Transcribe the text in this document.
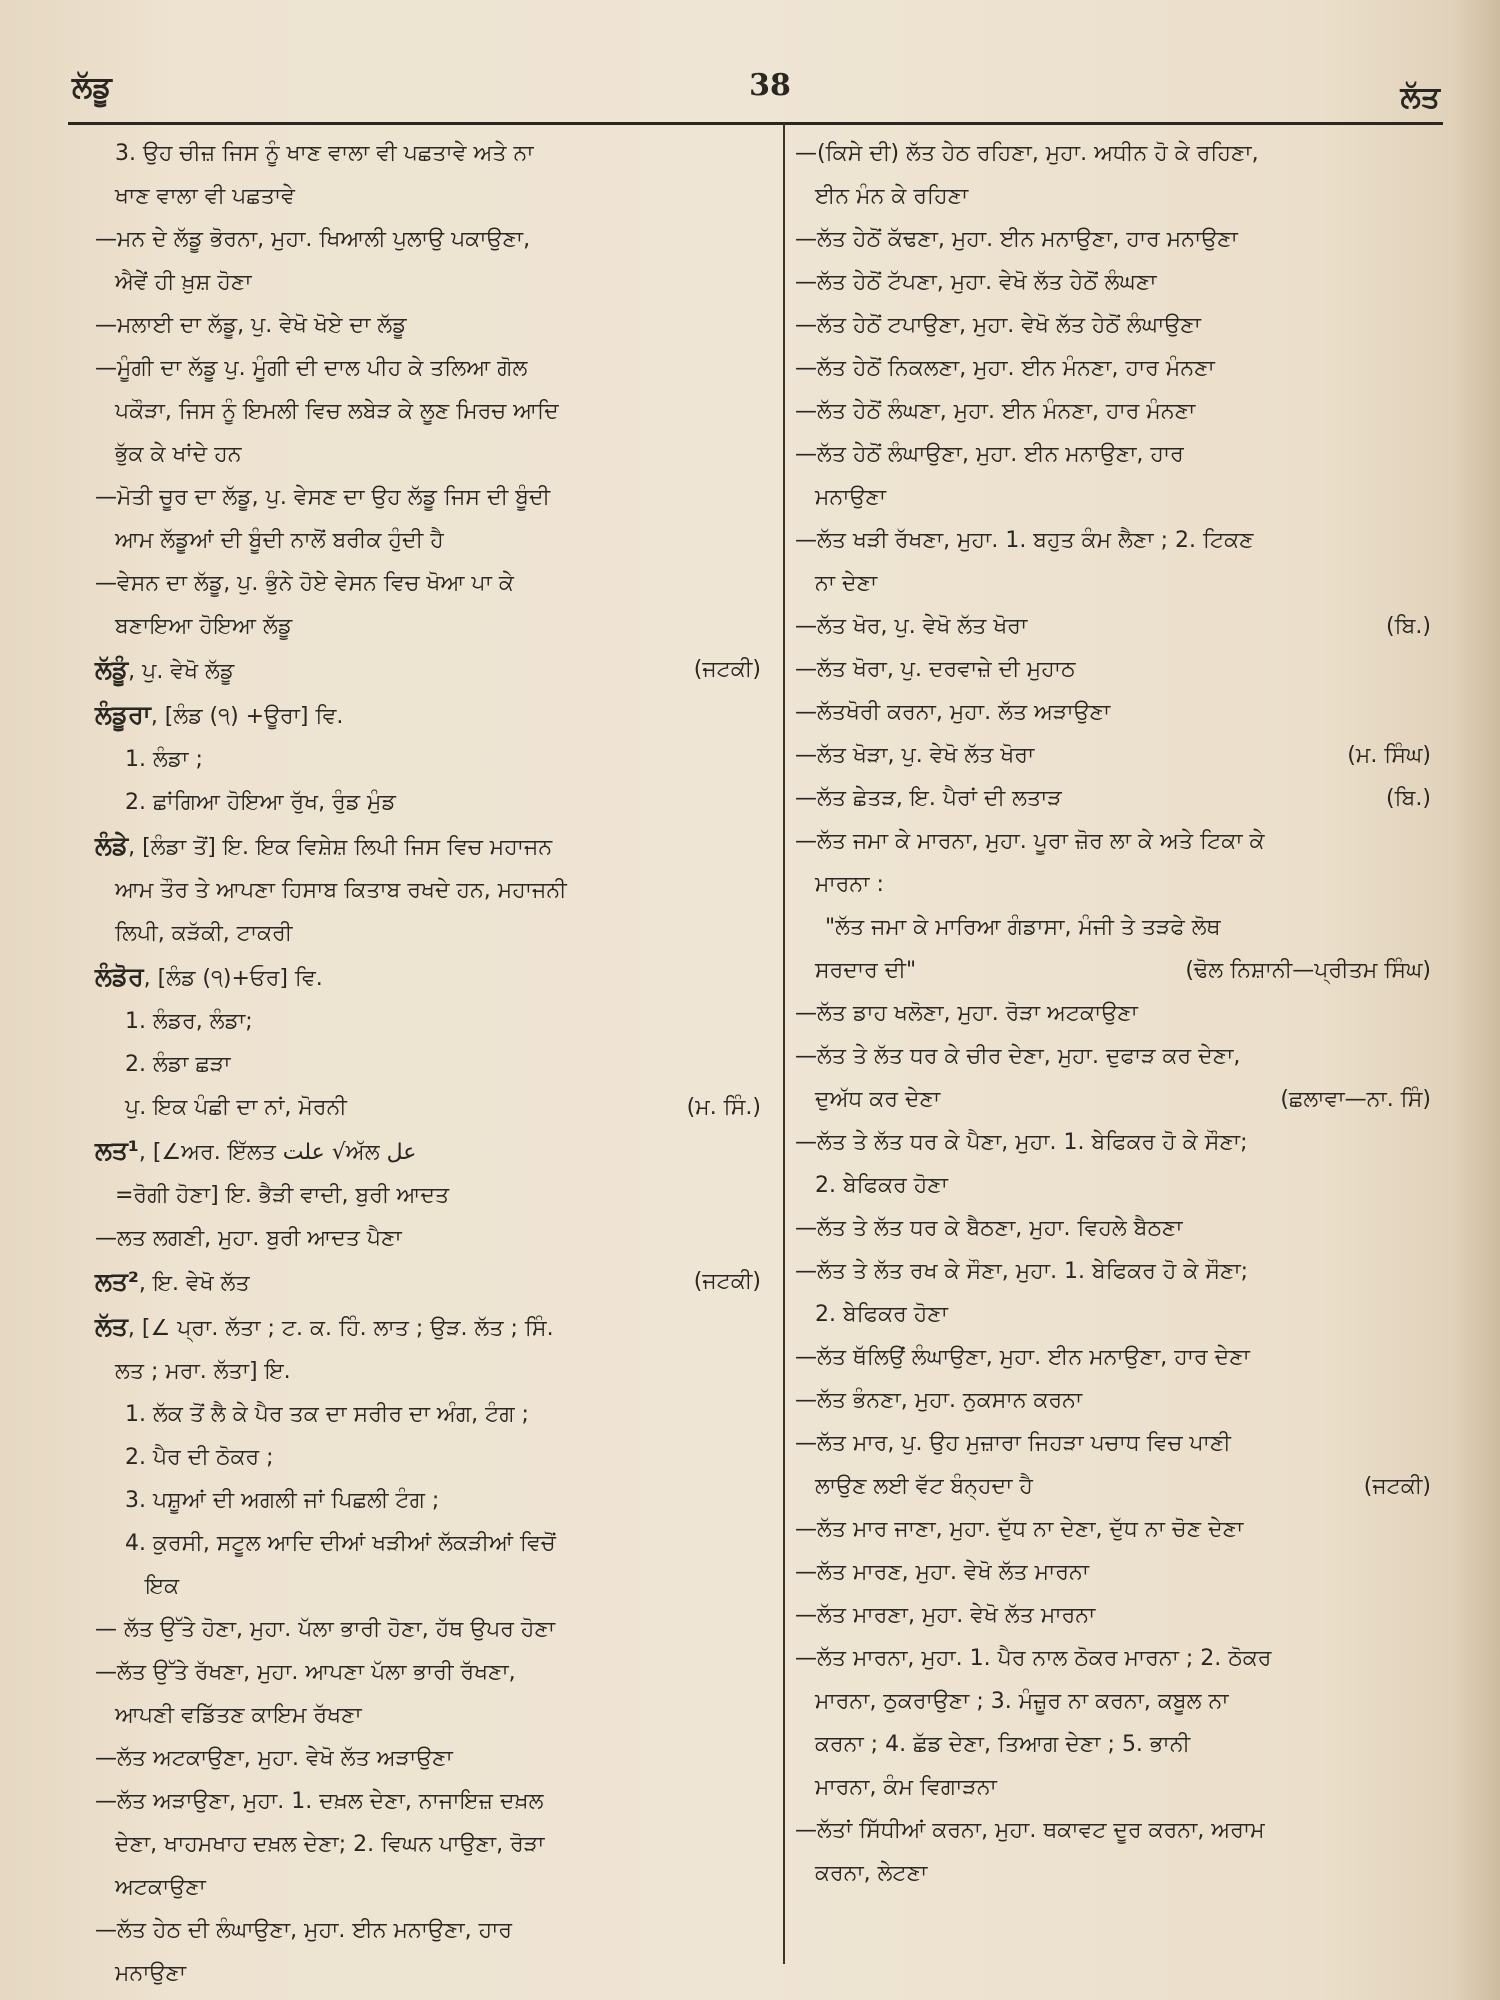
ਲੱਡੂ	38	ਲੱਤ
3. ਉਹ ਚੀਜ਼ ਜਿਸ ਨੂੰ ਖਾਣ ਵਾਲਾ ਵੀ ਪਛਤਾਵੇ ਅਤੇ ਨਾ
ਖਾਣ ਵਾਲਾ ਵੀ ਪਛਤਾਵੇ
—ਮਨ ਦੇ ਲੱਡੂ ਭੋਰਨਾ, ਮੁਹਾ. ਖਿਆਲੀ ਪੁਲਾਉ ਪਕਾਉਣਾ,
ਐਵੇਂ ਹੀ ਖ਼ੁਸ਼ ਹੋਣਾ
—ਮਲਾਈ ਦਾ ਲੱਡੂ, ਪੁ. ਵੇਖੋ ਖੋਏ ਦਾ ਲੱਡੂ
—ਮੂੰਗੀ ਦਾ ਲੱਡੂ ਪੁ. ਮੂੰਗੀ ਦੀ ਦਾਲ ਪੀਹ ਕੇ ਤਲਿਆ ਗੋਲ
ਪਕੌੜਾ, ਜਿਸ ਨੂੰ ਇਮਲੀ ਵਿਚ ਲਬੇੜ ਕੇ ਲੂਣ ਮਿਰਚ ਆਦਿ
ਭੁੱਕ ਕੇ ਖਾਂਦੇ ਹਨ
—ਮੋਤੀ ਚੂਰ ਦਾ ਲੱਡੂ, ਪੁ. ਵੇਸਣ ਦਾ ਉਹ ਲੱਡੂ ਜਿਸ ਦੀ ਬੂੰਦੀ
ਆਮ ਲੱਡੂਆਂ ਦੀ ਬੂੰਦੀ ਨਾਲੋਂ ਬਰੀਕ ਹੁੰਦੀ ਹੈ
—ਵੇਸਨ ਦਾ ਲੱਡੂ, ਪੁ. ਭੁੰਨੇ ਹੋਏ ਵੇਸਨ ਵਿਚ ਖੋਆ ਪਾ ਕੇ
ਬਣਾਇਆ ਹੋਇਆ ਲੱਡੂ
(ਜਟਕੀ)
ਲੱਡੂੰ, ਪੁ. ਵੇਖੋ ਲੱਡੂ
ਲੰਡੂਰਾ, [ਲੰਡ (੧) +ਊਰਾ] ਵਿ.
1. ਲੰਡਾ ;
2. ਛਾਂਗਿਆ ਹੋਇਆ ਰੁੱਖ, ਰੁੰਡ ਮੁੰਡ
ਲੰਡੇ, [ਲੰਡਾ ਤੋਂ] ਇ. ਇਕ ਵਿਸ਼ੇਸ਼ ਲਿਪੀ ਜਿਸ ਵਿਚ ਮਹਾਜਨ
ਆਮ ਤੌਰ ਤੇ ਆਪਣਾ ਹਿਸਾਬ ਕਿਤਾਬ ਰਖਦੇ ਹਨ, ਮਹਾਜਨੀ
ਲਿਪੀ, ਕੜੱਕੀ, ਟਾਕਰੀ
ਲੰਡੋਰ, [ਲੰਡ (੧)+ਓਰ] ਵਿ.
1. ਲੰਡਰ, ਲੰਡਾ;
2. ਲੰਡਾ ਛੜਾ
(ਮ. ਸਿੰ.)
ਪੁ. ਇਕ ਪੰਛੀ ਦਾ ਨਾਂ, ਮੋਰਨੀ
ਲਤ¹, [∠ਅਰ. ਇੱਲਤ علت √ਅੱਲ عل
=ਰੋਗੀ ਹੋਣਾ] ਇ. ਭੈੜੀ ਵਾਦੀ, ਬੁਰੀ ਆਦਤ
—ਲਤ ਲਗਣੀ, ਮੁਹਾ. ਬੁਰੀ ਆਦਤ ਪੈਣਾ
(ਜਟਕੀ)
ਲਤ², ਇ. ਵੇਖੋ ਲੱਤ
ਲੱਤ, [∠ ਪ੍ਰਾ. ਲੱਤਾ ; ਟ. ਕ. ਹਿੰ. ਲਾਤ ; ਉੜ. ਲੱਤ ; ਸਿੰ.
ਲਤ ; ਮਰਾ. ਲੱਤਾ] ਇ.
1. ਲੱਕ ਤੋਂ ਲੈ ਕੇ ਪੈਰ ਤਕ ਦਾ ਸਰੀਰ ਦਾ ਅੰਗ, ਟੰਗ ;
2. ਪੈਰ ਦੀ ਠੋਕਰ ;
3. ਪਸ਼ੂਆਂ ਦੀ ਅਗਲੀ ਜਾਂ ਪਿਛਲੀ ਟੰਗ ;
4. ਕੁਰਸੀ, ਸਟੂਲ ਆਦਿ ਦੀਆਂ ਖੜੀਆਂ ਲੱਕੜੀਆਂ ਵਿਚੋਂ
ਇਕ
— ਲੱਤ ਉੱਤੇ ਹੋਣਾ, ਮੁਹਾ. ਪੱਲਾ ਭਾਰੀ ਹੋਣਾ, ਹੱਥ ਉਪਰ ਹੋਣਾ
—ਲੱਤ ਉੱਤੇ ਰੱਖਣਾ, ਮੁਹਾ. ਆਪਣਾ ਪੱਲਾ ਭਾਰੀ ਰੱਖਣਾ,
ਆਪਣੀ ਵਡਿੱਤਣ ਕਾਇਮ ਰੱਖਣਾ
—ਲੱਤ ਅਟਕਾਉਣਾ, ਮੁਹਾ. ਵੇਖੋ ਲੱਤ ਅੜਾਉਣਾ
—ਲੱਤ ਅੜਾਉਣਾ, ਮੁਹਾ. 1. ਦਖ਼ਲ ਦੇਣਾ, ਨਾਜਾਇਜ਼ ਦਖ਼ਲ
ਦੇਣਾ, ਖਾਹਮਖਾਹ ਦਖ਼ਲ ਦੇਣਾ; 2. ਵਿਘਨ ਪਾਉਣਾ, ਰੋੜਾ
ਅਟਕਾਉਣਾ
—ਲੱਤ ਹੇਠ ਦੀ ਲੰਘਾਉਣਾ, ਮੁਹਾ. ਈਨ ਮਨਾਉਣਾ, ਹਾਰ
ਮਨਾਉਣਾ
—(ਕਿਸੇ ਦੀ) ਲੱਤ ਹੇਠ ਰਹਿਣਾ, ਮੁਹਾ. ਅਧੀਨ ਹੋ ਕੇ ਰਹਿਣਾ,
ਈਨ ਮੰਨ ਕੇ ਰਹਿਣਾ
—ਲੱਤ ਹੇਠੋਂ ਕੱਢਣਾ, ਮੁਹਾ. ਈਨ ਮਨਾਉਣਾ, ਹਾਰ ਮਨਾਉਣਾ
—ਲੱਤ ਹੇਠੋਂ ਟੱਪਣਾ, ਮੁਹਾ. ਵੇਖੋ ਲੱਤ ਹੇਠੋਂ ਲੰਘਣਾ
—ਲੱਤ ਹੇਠੋਂ ਟਪਾਉਣਾ, ਮੁਹਾ. ਵੇਖੋ ਲੱਤ ਹੇਠੋਂ ਲੰਘਾਉਣਾ
—ਲੱਤ ਹੇਠੋਂ ਨਿਕਲਣਾ, ਮੁਹਾ. ਈਨ ਮੰਨਣਾ, ਹਾਰ ਮੰਨਣਾ
—ਲੱਤ ਹੇਠੋਂ ਲੰਘਣਾ, ਮੁਹਾ. ਈਨ ਮੰਨਣਾ, ਹਾਰ ਮੰਨਣਾ
—ਲੱਤ ਹੇਠੋਂ ਲੰਘਾਉਣਾ, ਮੁਹਾ. ਈਨ ਮਨਾਉਣਾ, ਹਾਰ
ਮਨਾਉਣਾ
—ਲੱਤ ਖੜੀ ਰੱਖਣਾ, ਮੁਹਾ. 1. ਬਹੁਤ ਕੰਮ ਲੈਣਾ ; 2. ਟਿਕਣ
ਨਾ ਦੇਣਾ
(ਬਿ.)
—ਲੱਤ ਖੋਰ, ਪੁ. ਵੇਖੋ ਲੱਤ ਖੋਰਾ
—ਲੱਤ ਖੋਰਾ, ਪੁ. ਦਰਵਾਜ਼ੇ ਦੀ ਮੁਹਾਠ
—ਲੱਤਖੋਰੀ ਕਰਨਾ, ਮੁਹਾ. ਲੱਤ ਅੜਾਉਣਾ
(ਮ. ਸਿੰਘ)
—ਲੱਤ ਖੋੜਾ, ਪੁ. ਵੇਖੋ ਲੱਤ ਖੋਰਾ
(ਬਿ.)
—ਲੱਤ ਛੇਤੜ, ਇ. ਪੈਰਾਂ ਦੀ ਲਤਾੜ
—ਲੱਤ ਜਮਾ ਕੇ ਮਾਰਨਾ, ਮੁਹਾ. ਪੂਰਾ ਜ਼ੋਰ ਲਾ ਕੇ ਅਤੇ ਟਿਕਾ ਕੇ
ਮਾਰਨਾ :
"ਲੱਤ ਜਮਾ ਕੇ ਮਾਰਿਆ ਗੰਡਾਸਾ, ਮੰਜੀ ਤੇ ਤੜਫੇ ਲੋਥ
(ਢੋਲ ਨਿਸ਼ਾਨੀ—ਪ੍ਰੀਤਮ ਸਿੰਘ)
ਸਰਦਾਰ ਦੀ"
—ਲੱਤ ਡਾਹ ਖਲੋਣਾ, ਮੁਹਾ. ਰੋੜਾ ਅਟਕਾਉਣਾ
—ਲੱਤ ਤੇ ਲੱਤ ਧਰ ਕੇ ਚੀਰ ਦੇਣਾ, ਮੁਹਾ. ਦੁਫਾੜ ਕਰ ਦੇਣਾ,
(ਛਲਾਵਾ—ਨਾ. ਸਿੰ)
ਦੁਅੱਧ ਕਰ ਦੇਣਾ
—ਲੱਤ ਤੇ ਲੱਤ ਧਰ ਕੇ ਪੈਣਾ, ਮੁਹਾ. 1. ਬੇਫਿਕਰ ਹੋ ਕੇ ਸੌਣਾ;
2. ਬੇਫਿਕਰ ਹੋਣਾ
—ਲੱਤ ਤੇ ਲੱਤ ਧਰ ਕੇ ਬੈਠਣਾ, ਮੁਹਾ. ਵਿਹਲੇ ਬੈਠਣਾ
—ਲੱਤ ਤੇ ਲੱਤ ਰਖ ਕੇ ਸੌਣਾ, ਮੁਹਾ. 1. ਬੇਫਿਕਰ ਹੋ ਕੇ ਸੌਣਾ;
2. ਬੇਫਿਕਰ ਹੋਣਾ
—ਲੱਤ ਥੱਲਿਉਂ ਲੰਘਾਉਣਾ, ਮੁਹਾ. ਈਨ ਮਨਾਉਣਾ, ਹਾਰ ਦੇਣਾ
—ਲੱਤ ਭੰਨਣਾ, ਮੁਹਾ. ਨੁਕਸਾਨ ਕਰਨਾ
—ਲੱਤ ਮਾਰ, ਪੁ. ਉਹ ਮੁਜ਼ਾਰਾ ਜਿਹੜਾ ਪਚਾਧ ਵਿਚ ਪਾਣੀ
(ਜਟਕੀ)
ਲਾਉਣ ਲਈ ਵੱਟ ਬੰਨ੍ਹਦਾ ਹੈ
—ਲੱਤ ਮਾਰ ਜਾਣਾ, ਮੁਹਾ. ਦੁੱਧ ਨਾ ਦੇਣਾ, ਦੁੱਧ ਨਾ ਚੋਣ ਦੇਣਾ
—ਲੱਤ ਮਾਰਣ, ਮੁਹਾ. ਵੇਖੋ ਲੱਤ ਮਾਰਨਾ
—ਲੱਤ ਮਾਰਣਾ, ਮੁਹਾ. ਵੇਖੋ ਲੱਤ ਮਾਰਨਾ
—ਲੱਤ ਮਾਰਨਾ, ਮੁਹਾ. 1. ਪੈਰ ਨਾਲ ਠੋਕਰ ਮਾਰਨਾ ; 2. ਠੋਕਰ
ਮਾਰਨਾ, ਠੁਕਰਾਉਣਾ ; 3. ਮੰਜ਼ੂਰ ਨਾ ਕਰਨਾ, ਕਬੂਲ ਨਾ
ਕਰਨਾ ; 4. ਛੱਡ ਦੇਣਾ, ਤਿਆਗ ਦੇਣਾ ; 5. ਭਾਨੀ
ਮਾਰਨਾ, ਕੰਮ ਵਿਗਾੜਨਾ
—ਲੱਤਾਂ ਸਿੱਧੀਆਂ ਕਰਨਾ, ਮੁਹਾ. ਥਕਾਵਟ ਦੂਰ ਕਰਨਾ, ਅਰਾਮ
ਕਰਨਾ, ਲੇਟਣਾ
